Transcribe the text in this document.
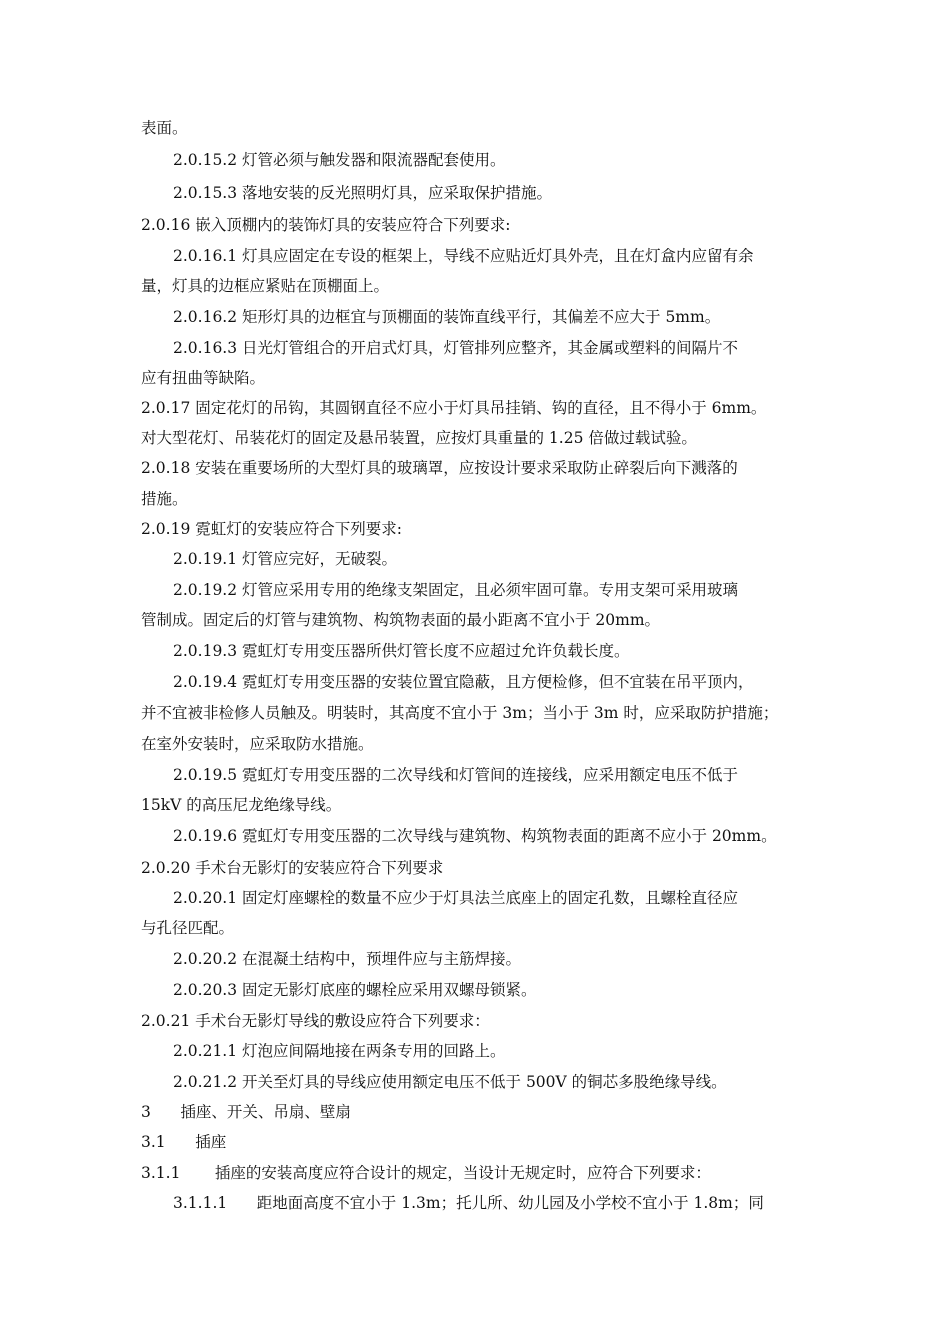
表面。
2.0.15.2 灯管必须与触发器和限流器配套使用。
2.0.15.3 落地安装的反光照明灯具，应采取保护措施。
2.0.16 嵌入顶棚内的装饰灯具的安装应符合下列要求:
2.0.16.1 灯具应固定在专设的框架上，导线不应贴近灯具外壳，且在灯盒内应留有余
量，灯具的边框应紧贴在顶棚面上。
2.0.16.2 矩形灯具的边框宜与顶棚面的装饰直线平行，其偏差不应大于 5mm。
2.0.16.3 日光灯管组合的开启式灯具，灯管排列应整齐，其金属或塑料的间隔片不
应有扭曲等缺陷。
2.0.17 固定花灯的吊钩，其圆钢直径不应小于灯具吊挂销、钩的直径，且不得小于 6mm。
对大型花灯、吊装花灯的固定及悬吊装置，应按灯具重量的 1.25 倍做过载试验。
2.0.18 安装在重要场所的大型灯具的玻璃罩，应按设计要求采取防止碎裂后向下溅落的
措施。
2.0.19 霓虹灯的安装应符合下列要求:
2.0.19.1 灯管应完好，无破裂。
2.0.19.2 灯管应采用专用的绝缘支架固定，且必须牢固可靠。专用支架可采用玻璃
管制成。固定后的灯管与建筑物、构筑物表面的最小距离不宜小于 20mm。
2.0.19.3 霓虹灯专用变压器所供灯管长度不应超过允许负载长度。
2.0.19.4 霓虹灯专用变压器的安装位置宜隐蔽，且方便检修，但不宜装在吊平顶内，
并不宜被非检修人员触及。明装时，其高度不宜小于 3m；当小于 3m 时，应采取防护措施；
在室外安装时，应采取防水措施。
2.0.19.5 霓虹灯专用变压器的二次导线和灯管间的连接线，应采用额定电压不低于
15kV 的高压尼龙绝缘导线。
2.0.19.6 霓虹灯专用变压器的二次导线与建筑物、构筑物表面的距离不应小于 20mm。
2.0.20 手术台无影灯的安装应符合下列要求
2.0.20.1 固定灯座螺栓的数量不应少于灯具法兰底座上的固定孔数，且螺栓直径应
与孔径匹配。
2.0.20.2 在混凝土结构中，预埋件应与主筋焊接。
2.0.20.3 固定无影灯底座的螺栓应采用双螺母锁紧。
2.0.21 手术台无影灯导线的敷设应符合下列要求：
2.0.21.1 灯泡应间隔地接在两条专用的回路上。
2.0.21.2 开关至灯具的导线应使用额定电压不低于 500V 的铜芯多股绝缘导线。
3      插座、开关、吊扇、壁扇
3.1      插座
3.1.1       插座的安装高度应符合设计的规定，当设计无规定时，应符合下列要求：
3.1.1.1      距地面高度不宜小于 1.3m；托儿所、幼儿园及小学校不宜小于 1.8m；同
